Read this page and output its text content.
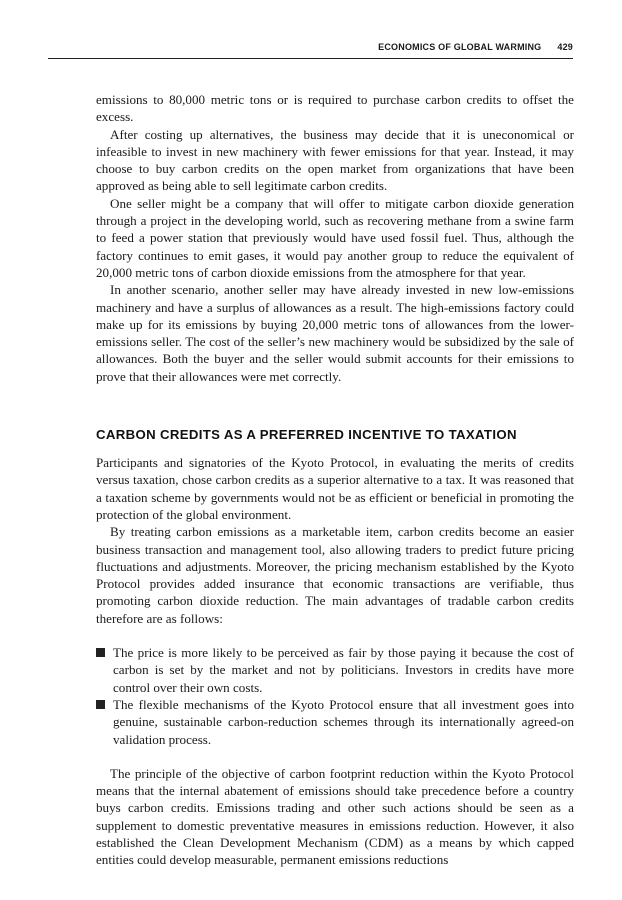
ECONOMICS OF GLOBAL WARMING 429

emissions to 80,000 metric tons or is required to purchase carbon credits to offset the excess.

After costing up alternatives, the business may decide that it is uneconomical or infeasible to invest in new machinery with fewer emissions for that year. Instead, it may choose to buy carbon credits on the open market from organizations that have been approved as being able to sell legitimate carbon credits.

One seller might be a company that will offer to mitigate carbon dioxide generation through a project in the developing world, such as recovering methane from a swine farm to feed a power station that previously would have used fossil fuel. Thus, although the factory continues to emit gases, it would pay another group to reduce the equivalent of 20,000 metric tons of carbon dioxide emissions from the atmosphere for that year.

In another scenario, another seller may have already invested in new low-emissions machinery and have a surplus of allowances as a result. The high-emissions factory could make up for its emissions by buying 20,000 metric tons of allowances from the lower-emissions seller. The cost of the seller’s new machinery would be subsidized by the sale of allowances. Both the buyer and the seller would submit accounts for their emissions to prove that their allowances were met correctly.

CARBON CREDITS AS A PREFERRED INCENTIVE TO TAXATION

Participants and signatories of the Kyoto Protocol, in evaluating the merits of credits versus taxation, chose carbon credits as a superior alternative to a tax. It was reasoned that a taxation scheme by governments would not be as efficient or beneficial in promoting the protection of the global environment.

By treating carbon emissions as a marketable item, carbon credits become an easier business transaction and management tool, also allowing traders to predict future pricing fluctuations and adjustments. Moreover, the pricing mechanism established by the Kyoto Protocol provides added insurance that economic transactions are verifiable, thus promoting carbon dioxide reduction. The main advantages of tradable carbon credits therefore are as follows:

The price is more likely to be perceived as fair by those paying it because the cost of carbon is set by the market and not by politicians. Investors in credits have more control over their own costs.
The flexible mechanisms of the Kyoto Protocol ensure that all investment goes into genuine, sustainable carbon-reduction schemes through its internationally agreed-on validation process.

The principle of the objective of carbon footprint reduction within the Kyoto Protocol means that the internal abatement of emissions should take precedence before a country buys carbon credits. Emissions trading and other such actions should be seen as a supplement to domestic preventative measures in emissions reduction. However, it also established the Clean Development Mechanism (CDM) as a means by which capped entities could develop measurable, permanent emissions reductions
